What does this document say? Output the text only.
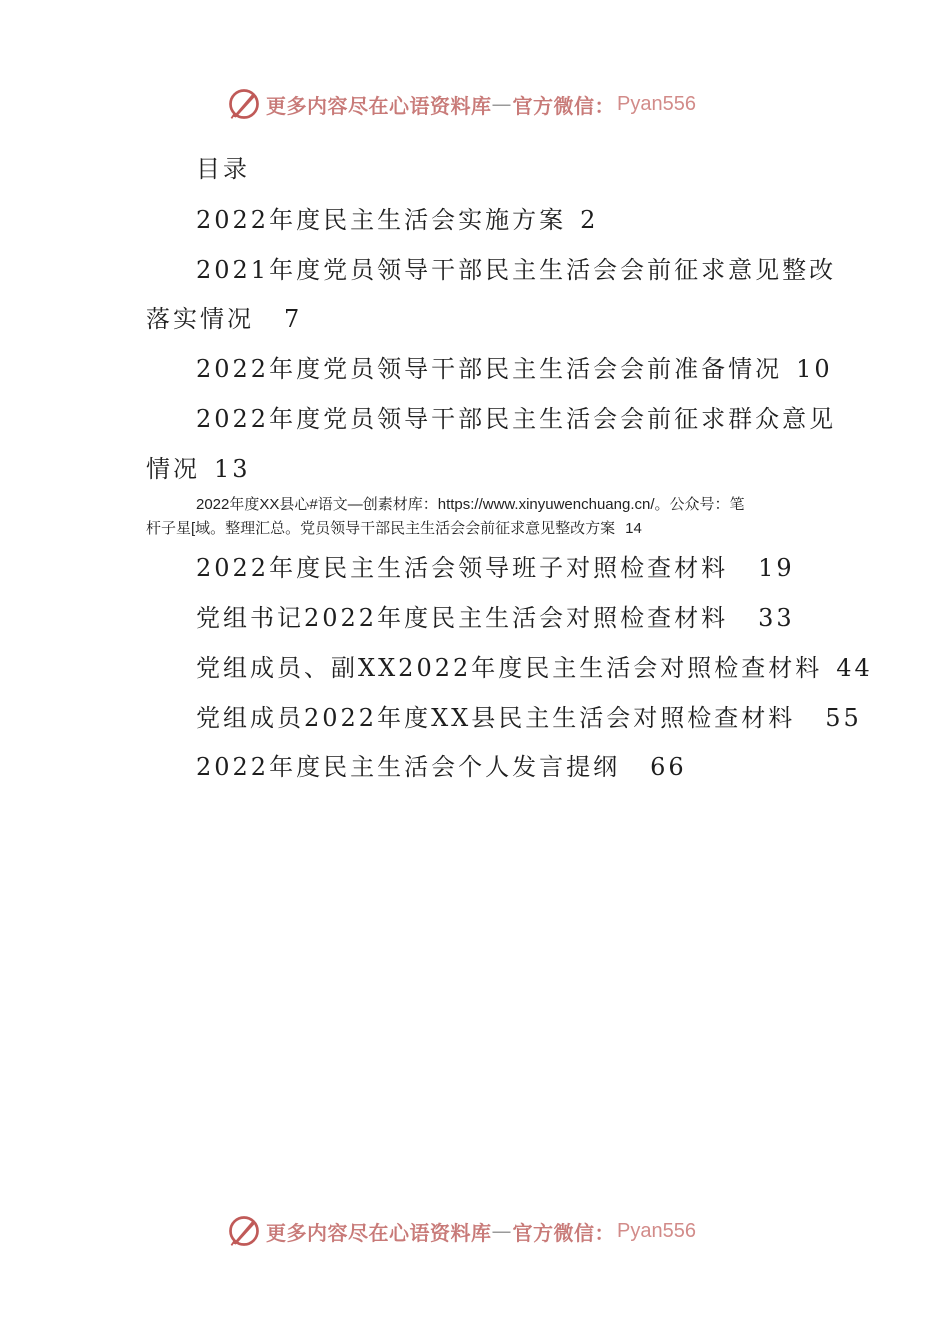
更多内容尽在心语资料库 — 官方微信： Pyan556
目录
2022年度民主生活会实施方案 2
2021年度党员领导干部民主生活会会前征求意见整改
落实情况 7
2022年度党员领导干部民主生活会会前准备情况 10
2022年度党员领导干部民主生活会会前征求群众意见
情况 13
2022年度XX县心#语文—创素材库：https://www.xinyuwenchuang.cn/。公众号：笔
杆子星[域。整理汇总。党员领导干部民主生活会会前征求意见整改方案 14
2022年度民主生活会领导班子对照检查材料 19
党组书记2022年度民主生活会对照检查材料 33
党组成员、副XX2022年度民主生活会对照检查材料 44
党组成员2022年度XX县民主生活会对照检查材料 55
2022年度民主生活会个人发言提纲 66
更多内容尽在心语资料库 — 官方微信： Pyan556
